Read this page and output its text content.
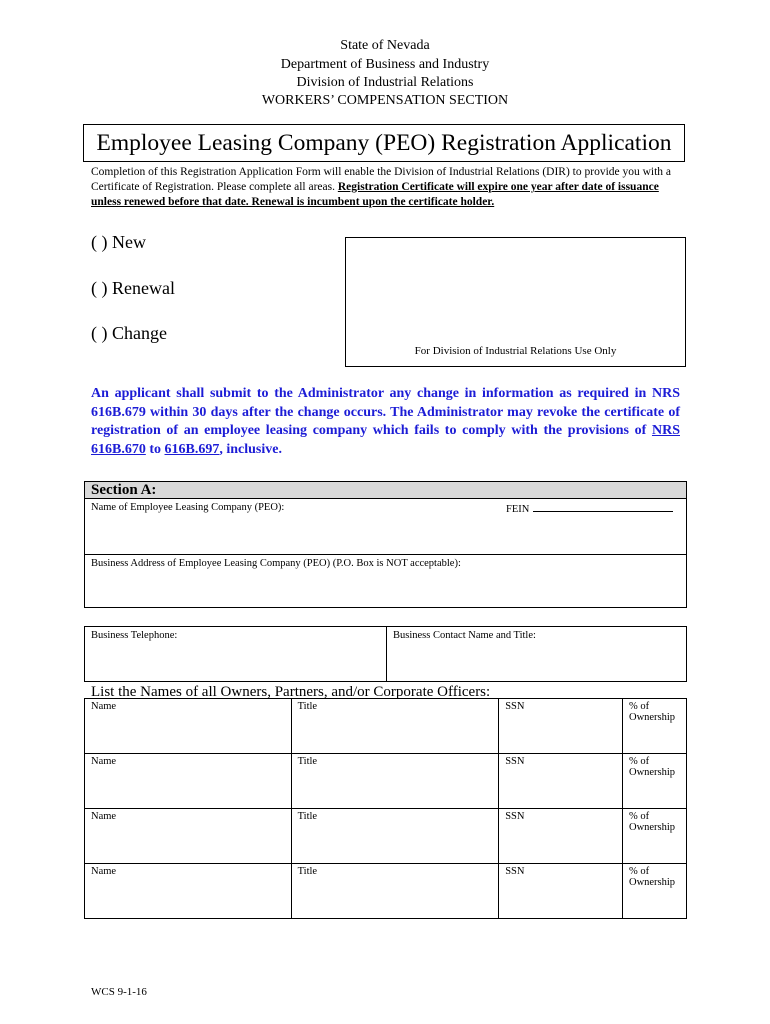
State of Nevada
Department of Business and Industry
Division of Industrial Relations
WORKERS’ COMPENSATION SECTION
Employee Leasing Company (PEO) Registration Application
Completion of this Registration Application Form will enable the Division of Industrial Relations (DIR) to provide you with a Certificate of Registration. Please complete all areas. Registration Certificate will expire one year after date of issuance unless renewed before that date. Renewal is incumbent upon the certificate holder.
( ) New
( ) Renewal
( ) Change
For Division of Industrial Relations Use Only
An applicant shall submit to the Administrator any change in information as required in NRS 616B.679 within 30 days after the change occurs. The Administrator may revoke the certificate of registration of an employee leasing company which fails to comply with the provisions of NRS 616B.670 to 616B.697, inclusive.
Section A:
Name of Employee Leasing Company (PEO):	FEIN
Business Address of Employee Leasing Company (PEO) (P.O. Box is NOT acceptable):
Business Telephone:	Business Contact Name and Title:
List the Names of all Owners, Partners, and/or Corporate Officers:
Name	Title	SSN	% of Ownership
Name	Title	SSN	% of Ownership
Name	Title	SSN	% of Ownership
Name	Title	SSN	% of Ownership
WCS 9-1-16
